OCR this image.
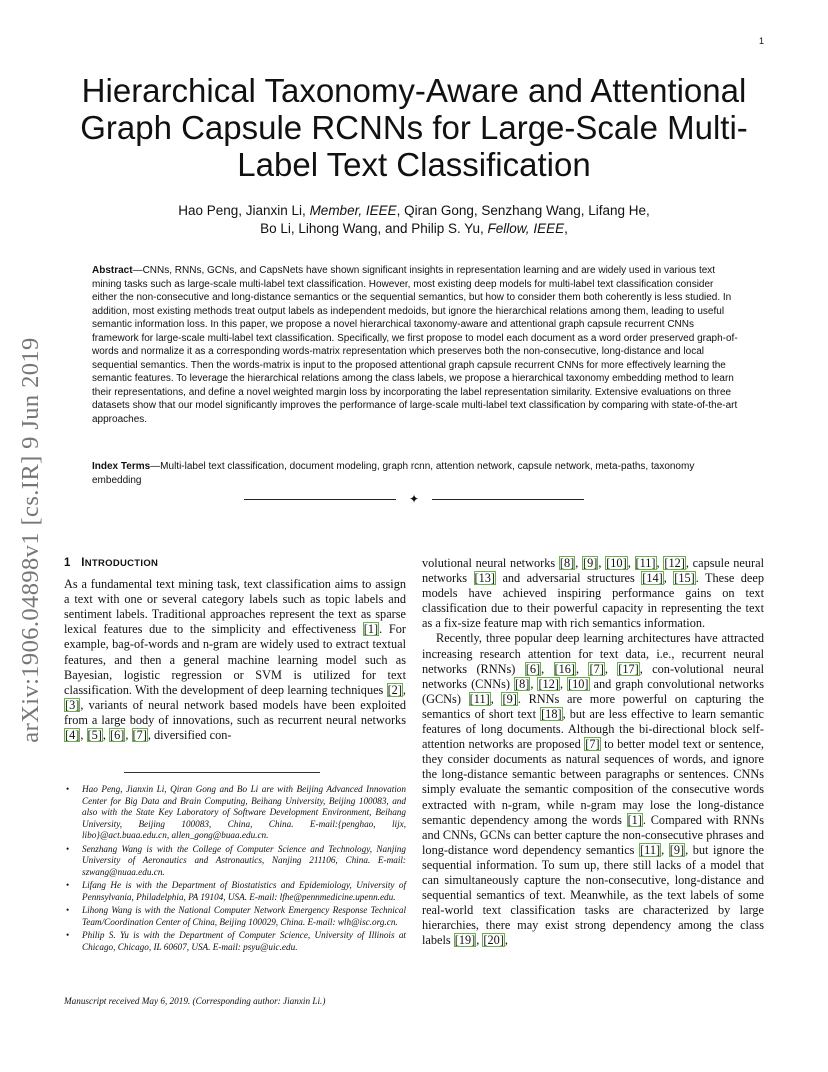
1
arXiv:1906.04898v1 [cs.IR] 9 Jun 2019
Hierarchical Taxonomy-Aware and Attentional Graph Capsule RCNNs for Large-Scale Multi-Label Text Classification
Hao Peng, Jianxin Li, Member, IEEE, Qiran Gong, Senzhang Wang, Lifang He,
Bo Li, Lihong Wang, and Philip S. Yu, Fellow, IEEE,
Abstract—CNNs, RNNs, GCNs, and CapsNets have shown significant insights in representation learning and are widely used in various text mining tasks such as large-scale multi-label text classification. However, most existing deep models for multi-label text classification consider either the non-consecutive and long-distance semantics or the sequential semantics, but how to consider them both coherently is less studied. In addition, most existing methods treat output labels as independent medoids, but ignore the hierarchical relations among them, leading to useful semantic information loss. In this paper, we propose a novel hierarchical taxonomy-aware and attentional graph capsule recurrent CNNs framework for large-scale multi-label text classification. Specifically, we first propose to model each document as a word order preserved graph-of-words and normalize it as a corresponding words-matrix representation which preserves both the non-consecutive, long-distance and local sequential semantics. Then the words-matrix is input to the proposed attentional graph capsule recurrent CNNs for more effectively learning the semantic features. To leverage the hierarchical relations among the class labels, we propose a hierarchical taxonomy embedding method to learn their representations, and define a novel weighted margin loss by incorporating the label representation similarity. Extensive evaluations on three datasets show that our model significantly improves the performance of large-scale multi-label text classification by comparing with state-of-the-art approaches.
Index Terms—Multi-label text classification, document modeling, graph rcnn, attention network, capsule network, meta-paths, taxonomy embedding
✦
1 INTRODUCTION

As a fundamental text mining task, text classification aims to assign a text with one or several category labels such as topic labels and sentiment labels. Traditional approaches represent the text as sparse lexical features due to the simplicity and effectiveness [1]. For example, bag-of-words and n-gram are widely used to extract textual features, and then a general machine learning model such as Bayesian, logistic regression or SVM is utilized for text classification. With the development of deep learning techniques [2], [3], variants of neural network based models have been exploited from a large body of innovations, such as recurrent neural networks [4], [5], [6], [7], diversified con-

• Hao Peng, Jianxin Li, Qiran Gong and Bo Li are with Beijing Advanced Innovation Center for Big Data and Brain Computing, Beihang University, Beijing 100083, and also with the State Key Laboratory of Software Development Environment, Beihang University, Beijing 100083, China, China. E-mail:{penghao, lijx, libo}@act.buaa.edu.cn, allen_gong@buaa.edu.cn.
• Senzhang Wang is with the College of Computer Science and Technology, Nanjing University of Aeronautics and Astronautics, Nanjing 211106, China. E-mail: szwang@nuaa.edu.cn.
• Lifang He is with the Department of Biostatistics and Epidemiology, University of Pennsylvania, Philadelphia, PA 19104, USA. E-mail: lfhe@pennmedicine.upenn.edu.
• Lihong Wang is with the National Computer Network Emergency Response Technical Team/Coordination Center of China, Beijing 100029, China. E-mail: wlh@isc.org.cn.
• Philip S. Yu is with the Department of Computer Science, University of Illinois at Chicago, Chicago, IL 60607, USA. E-mail: psyu@uic.edu.
Manuscript received May 6, 2019. (Corresponding author: Jianxin Li.)

volutional neural networks [8], [9], [10], [11], [12], capsule neural networks [13] and adversarial structures [14], [15]. These deep models have achieved inspiring performance gains on text classification due to their powerful capacity in representing the text as a fix-size feature map with rich semantics information.

Recently, three popular deep learning architectures have attracted increasing research attention for text data, i.e., recurrent neural networks (RNNs) [6], [16], [7], [17], con-volutional neural networks (CNNs) [8], [12], [10] and graph convolutional networks (GCNs) [11], [9]. RNNs are more powerful on capturing the semantics of short text [18], but are less effective to learn semantic features of long documents. Although the bi-directional block self-attention networks are proposed [7] to better model text or sentence, they consider documents as natural sequences of words, and ignore the long-distance semantic between paragraphs or sentences. CNNs simply evaluate the semantic composition of the consecutive words extracted with n-gram, while n-gram may lose the long-distance semantic dependency among the words [1]. Compared with RNNs and CNNs, GCNs can better capture the non-consecutive phrases and long-distance word dependency semantics [11], [9], but ignore the sequential information. To sum up, there still lacks of a model that can simultaneously capture the non-consecutive, long-distance and sequential semantics of text. Meanwhile, as the text labels of some real-world text classification tasks are characterized by large hierarchies, there may exist strong dependency among the class labels [19], [20],
